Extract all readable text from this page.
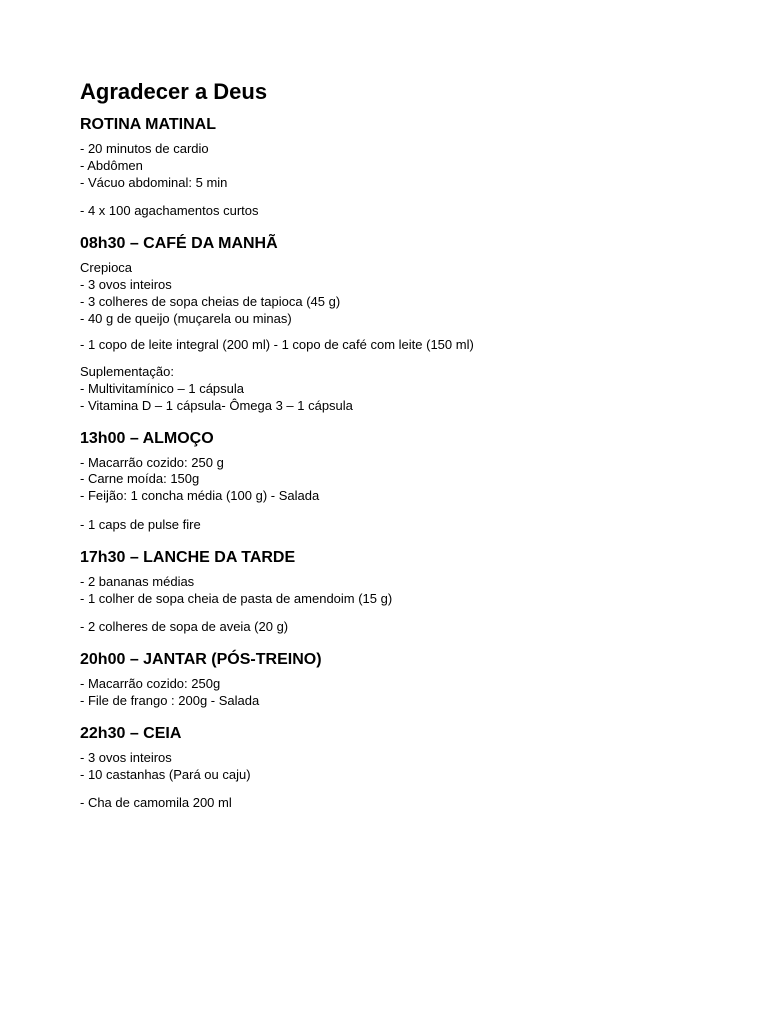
Agradecer a Deus
ROTINA MATINAL
- 20 minutos de cardio
- Abdômen
- Vácuo abdominal: 5 min
- 4 x 100 agachamentos curtos
08h30 – CAFÉ DA MANHÃ
Crepioca
- 3 ovos inteiros
- 3 colheres de sopa cheias de tapioca (45 g)
- 40 g de queijo (muçarela ou minas)
- 1 copo de leite integral (200 ml) - 1 copo de café com leite (150 ml)
Suplementação:
- Multivitamínico – 1 cápsula
- Vitamina D – 1 cápsula- Ômega 3 – 1 cápsula
13h00 – ALMOÇO
- Macarrão cozido: 250 g
- Carne moída: 150g
- Feijão: 1 concha média (100 g) - Salada
- 1 caps de pulse fire
17h30 – LANCHE DA TARDE
- 2 bananas médias
- 1 colher de sopa cheia de pasta de amendoim (15 g)
- 2 colheres de sopa de aveia (20 g)
20h00 – JANTAR (PÓS-TREINO)
- Macarrão cozido: 250g
- File de frango : 200g - Salada
22h30 – CEIA
- 3 ovos inteiros
- 10 castanhas (Pará ou caju)
- Cha de camomila 200 ml
